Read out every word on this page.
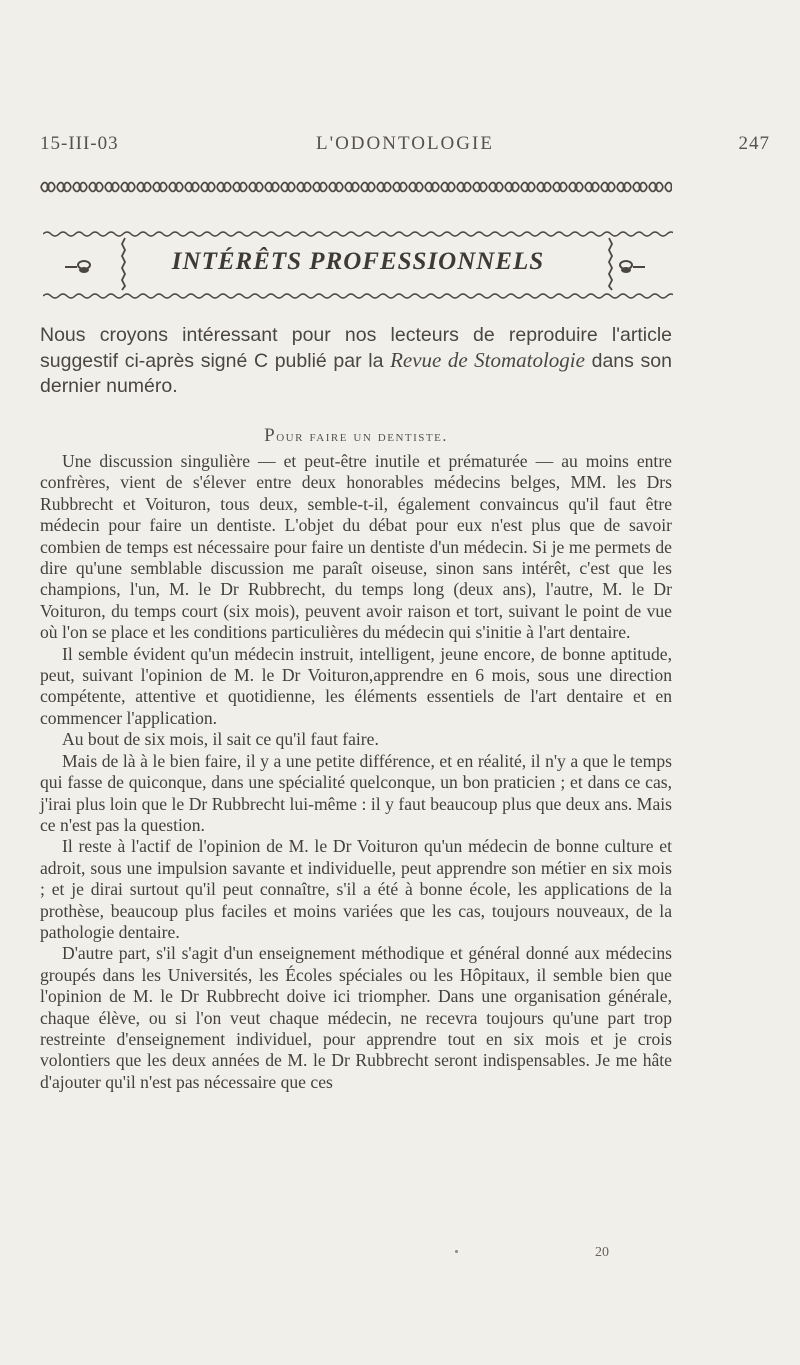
15-III-03	L'ODONTOLOGIE	247
INTÉRÊTS PROFESSIONNELS

Nous croyons intéressant pour nos lecteurs de reproduire l'article suggestif ci-après signé C publié par la Revue de Stomatologie dans son dernier numéro.

Pour faire un dentiste.

Une discussion singulière — et peut-être inutile et prématurée — au moins entre confrères, vient de s'élever entre deux honorables médecins belges, MM. les Drs Rubbrecht et Voituron, tous deux, semble-t-il, également convaincus qu'il faut être médecin pour faire un dentiste. L'objet du débat pour eux n'est plus que de savoir combien de temps est nécessaire pour faire un dentiste d'un médecin. Si je me permets de dire qu'une semblable discussion me paraît oiseuse, sinon sans intérêt, c'est que les champions, l'un, M. le Dr Rubbrecht, du temps long (deux ans), l'autre, M. le Dr Voituron, du temps court (six mois), peuvent avoir raison et tort, suivant le point de vue où l'on se place et les conditions particulières du médecin qui s'initie à l'art dentaire.

Il semble évident qu'un médecin instruit, intelligent, jeune encore, de bonne aptitude, peut, suivant l'opinion de M. le Dr Voituron,apprendre en 6 mois, sous une direction compétente, attentive et quotidienne, les éléments essentiels de l'art dentaire et en commencer l'application.

Au bout de six mois, il sait ce qu'il faut faire.

Mais de là à le bien faire, il y a une petite différence, et en réalité, il n'y a que le temps qui fasse de quiconque, dans une spécialité quelconque, un bon praticien ; et dans ce cas, j'irai plus loin que le Dr Rubbrecht lui-même : il y faut beaucoup plus que deux ans. Mais ce n'est pas la question.

Il reste à l'actif de l'opinion de M. le Dr Voituron qu'un médecin de bonne culture et adroit, sous une impulsion savante et individuelle, peut apprendre son métier en six mois ; et je dirai surtout qu'il peut connaître, s'il a été à bonne école, les applications de la prothèse, beaucoup plus faciles et moins variées que les cas, toujours nouveaux, de la pathologie dentaire.

D'autre part, s'il s'agit d'un enseignement méthodique et général donné aux médecins groupés dans les Universités, les Écoles spéciales ou les Hôpitaux, il semble bien que l'opinion de M. le Dr Rubbrecht doive ici triompher. Dans une organisation générale, chaque élève, ou si l'on veut chaque médecin, ne recevra toujours qu'une part trop restreinte d'enseignement individuel, pour apprendre tout en six mois et je crois volontiers que les deux années de M. le Dr Rubbrecht seront indispensables. Je me hâte d'ajouter qu'il n'est pas nécessaire que ces

20
